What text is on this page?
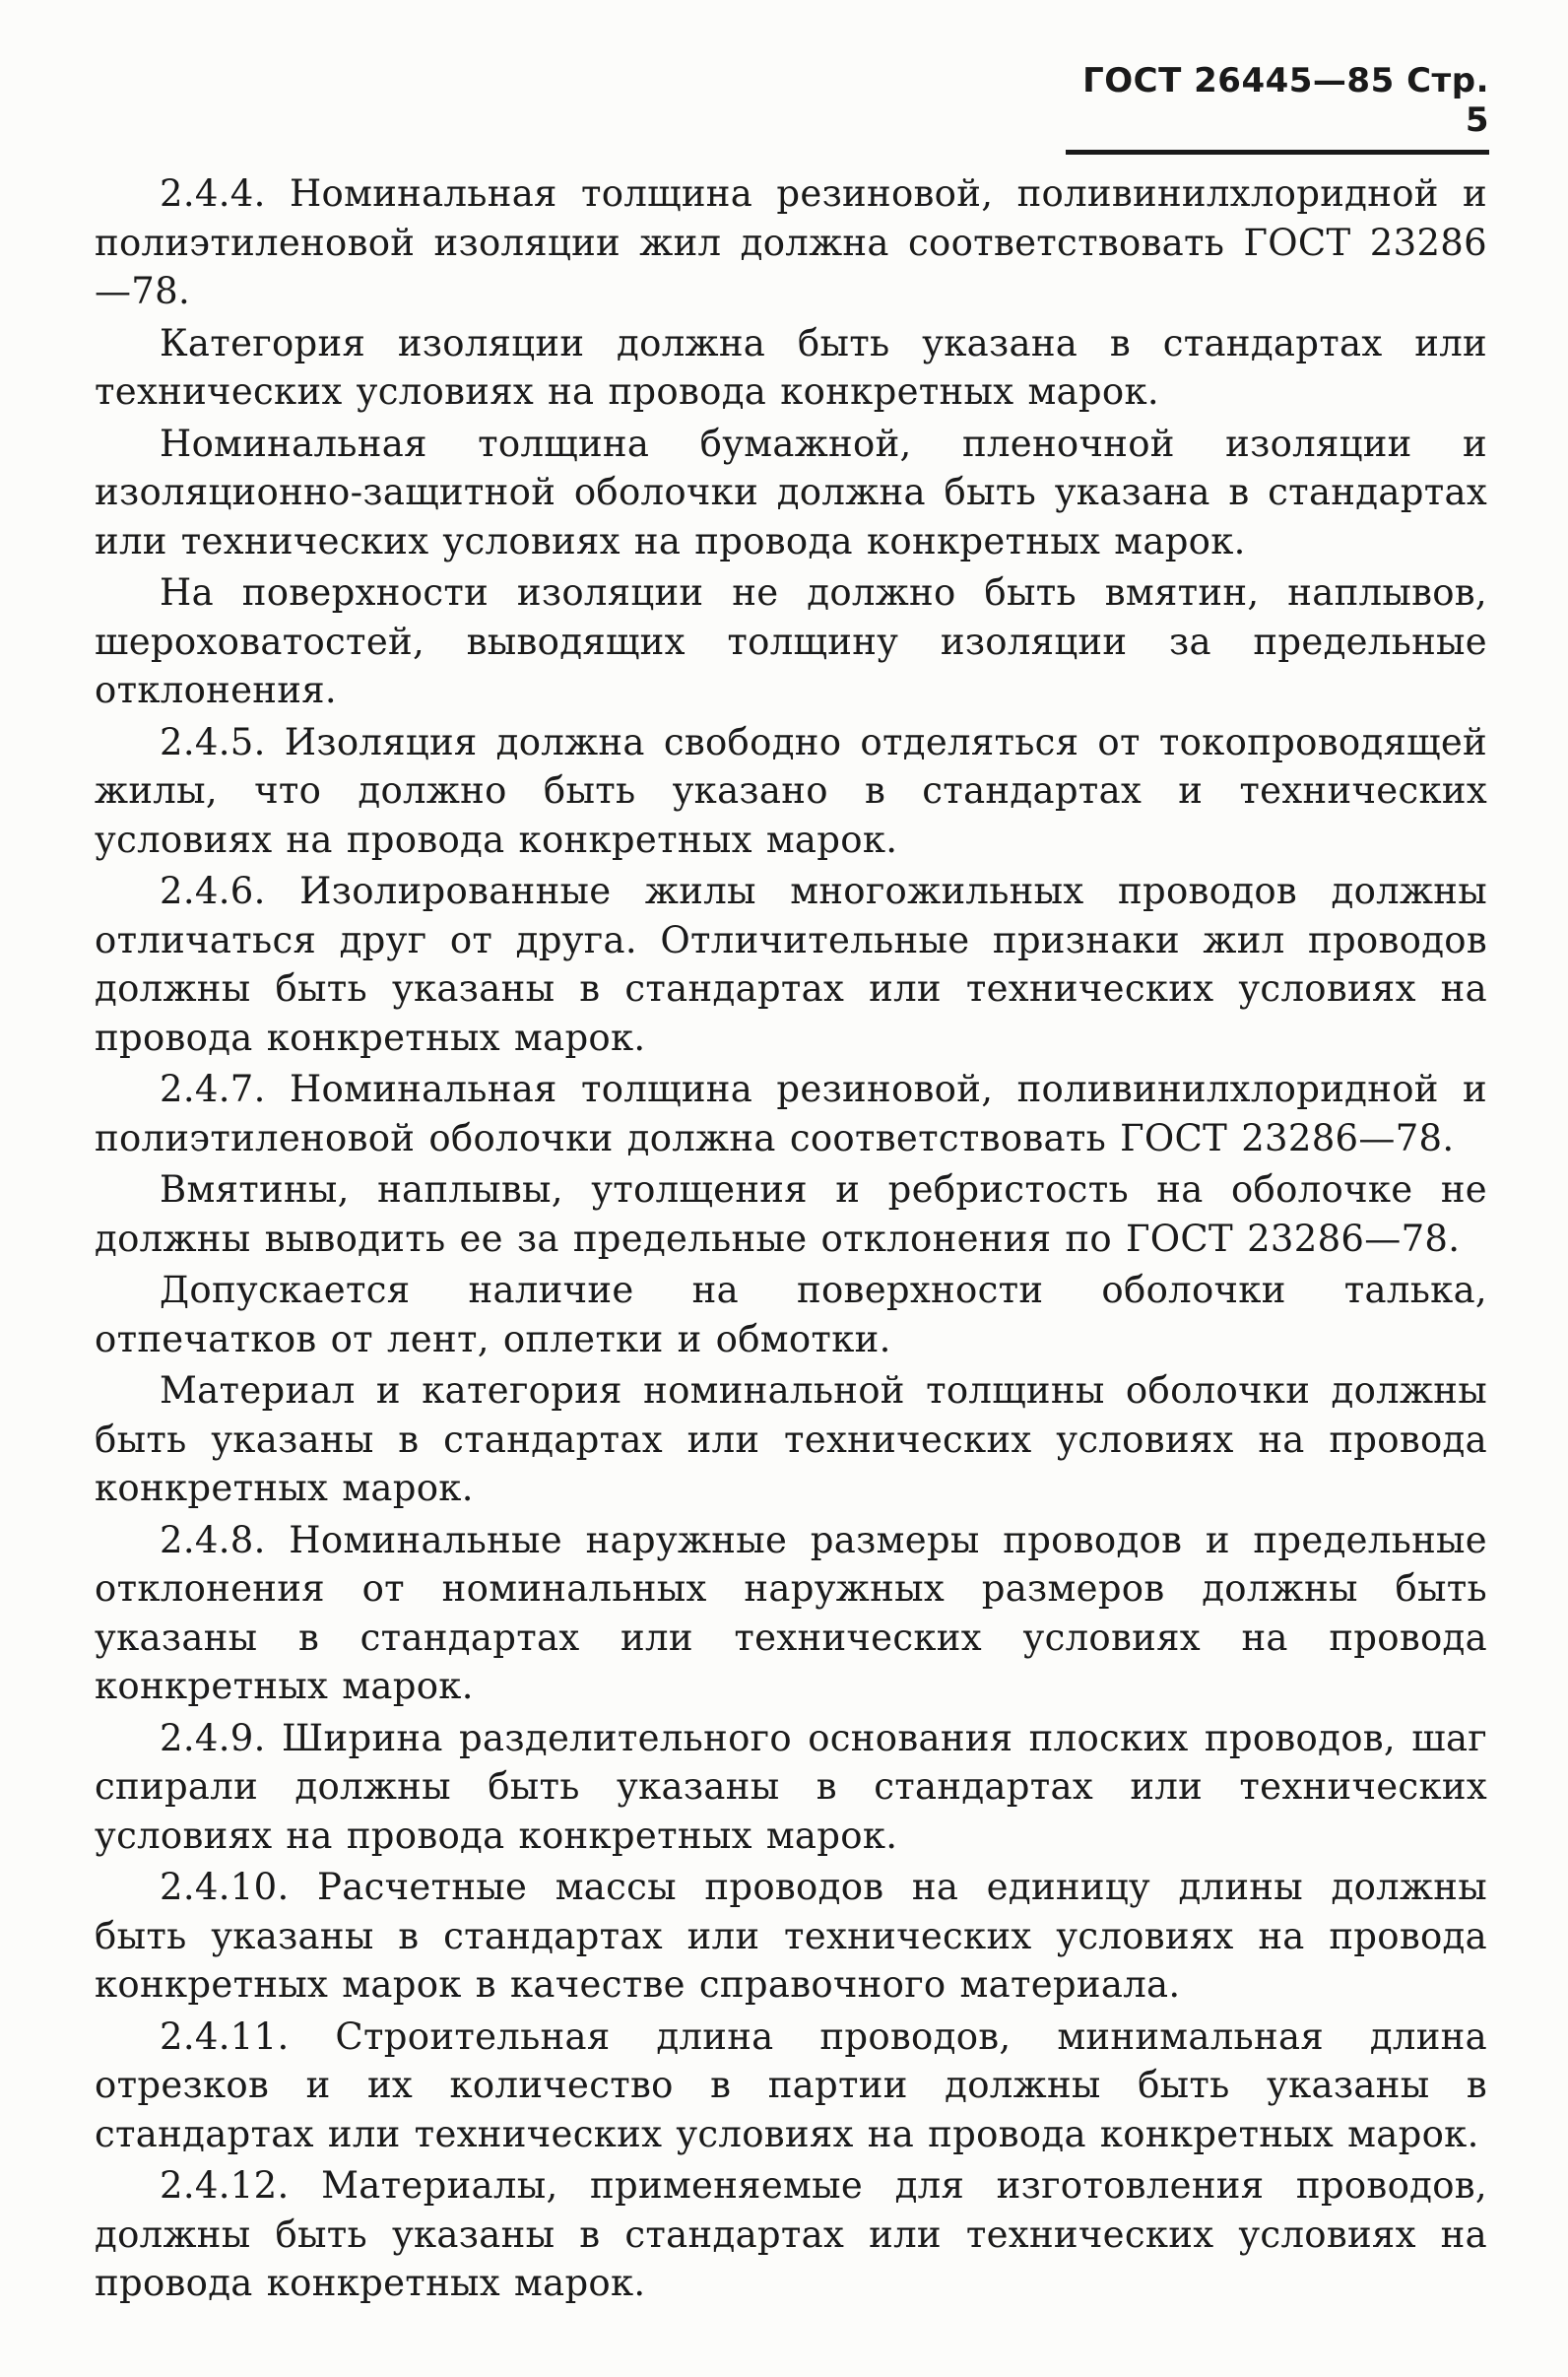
ГОСТ 26445—85 Стр. 5

2.4.4. Номинальная толщина резиновой, поливинилхлоридной и полиэтиленовой изоляции жил должна соответствовать ГОСТ 23286—78.

Категория изоляции должна быть указана в стандартах или технических условиях на провода конкретных марок.

Номинальная толщина бумажной, пленочной изоляции и изоляционно-защитной оболочки должна быть указана в стандартах или технических условиях на провода конкретных марок.

На поверхности изоляции не должно быть вмятин, наплывов, шероховатостей, выводящих толщину изоляции за предельные отклонения.

2.4.5. Изоляция должна свободно отделяться от токопроводящей жилы, что должно быть указано в стандартах и технических условиях на провода конкретных марок.

2.4.6. Изолированные жилы многожильных проводов должны отличаться друг от друга. Отличительные признаки жил проводов должны быть указаны в стандартах или технических условиях на провода конкретных марок.

2.4.7. Номинальная толщина резиновой, поливинилхлоридной и полиэтиленовой оболочки должна соответствовать ГОСТ 23286—78.

Вмятины, наплывы, утолщения и ребристость на оболочке не должны выводить ее за предельные отклонения по ГОСТ 23286—78.

Допускается наличие на поверхности оболочки талька, отпечатков от лент, оплетки и обмотки.

Материал и категория номинальной толщины оболочки должны быть указаны в стандартах или технических условиях на провода конкретных марок.

2.4.8. Номинальные наружные размеры проводов и предельные отклонения от номинальных наружных размеров должны быть указаны в стандартах или технических условиях на провода конкретных марок.

2.4.9. Ширина разделительного основания плоских проводов, шаг спирали должны быть указаны в стандартах или технических условиях на провода конкретных марок.

2.4.10. Расчетные массы проводов на единицу длины должны быть указаны в стандартах или технических условиях на провода конкретных марок в качестве справочного материала.

2.4.11. Строительная длина проводов, минимальная длина отрезков и их количество в партии должны быть указаны в стандартах или технических условиях на провода конкретных марок.

2.4.12. Материалы, применяемые для изготовления проводов, должны быть указаны в стандартах или технических условиях на провода конкретных марок.
